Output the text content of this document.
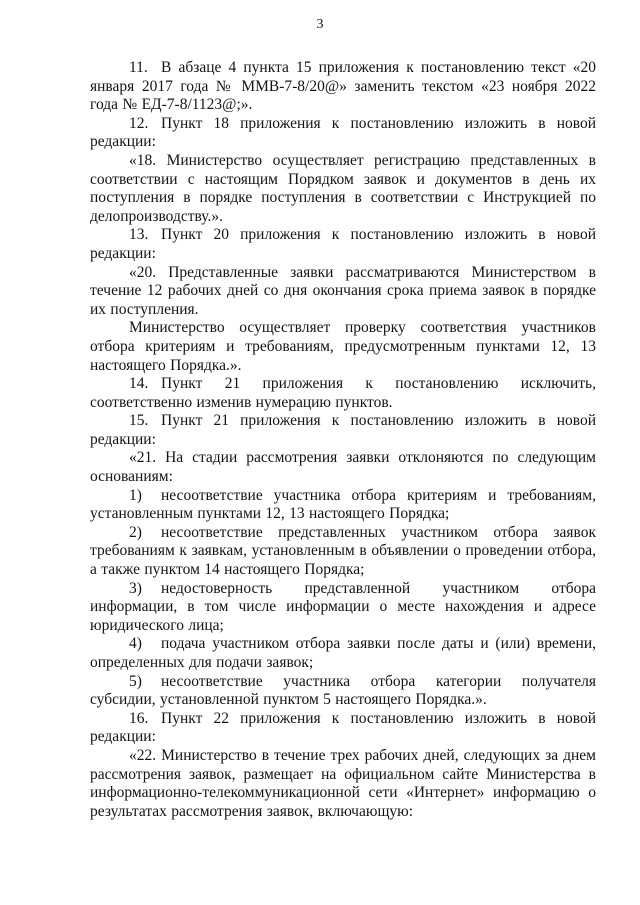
3

11. В абзаце 4 пункта 15 приложения к постановлению текст «20 января 2017 года № ММВ-7-8/20@» заменить текстом «23 ноября 2022 года № ЕД-7-8/1123@;».

12. Пункт 18 приложения к постановлению изложить в новой редакции:

«18. Министерство осуществляет регистрацию представленных в соответствии с настоящим Порядком заявок и документов в день их поступления в порядке поступления в соответствии с Инструкцией по делопроизводству.».

13. Пункт 20 приложения к постановлению изложить в новой редакции:

«20. Представленные заявки рассматриваются Министерством в течение 12 рабочих дней со дня окончания срока приема заявок в порядке их поступления.

Министерство осуществляет проверку соответствия участников отбора критериям и требованиям, предусмотренным пунктами 12, 13 настоящего Порядка.».

14. Пункт 21 приложения к постановлению исключить, соответственно изменив нумерацию пунктов.

15. Пункт 21 приложения к постановлению изложить в новой редакции:

«21. На стадии рассмотрения заявки отклоняются по следующим основаниям:

1) несоответствие участника отбора критериям и требованиям, установленным пунктами 12, 13 настоящего Порядка;

2) несоответствие представленных участником отбора заявок требованиям к заявкам, установленным в объявлении о проведении отбора, а также пунктом 14 настоящего Порядка;

3) недостоверность представленной участником отбора информации, в том числе информации о месте нахождения и адресе юридического лица;

4) подача участником отбора заявки после даты и (или) времени, определенных для подачи заявок;

5) несоответствие участника отбора категории получателя субсидии, установленной пунктом 5 настоящего Порядка.».

16. Пункт 22 приложения к постановлению изложить в новой редакции:

«22. Министерство в течение трех рабочих дней, следующих за днем рассмотрения заявок, размещает на официальном сайте Министерства в информационно-телекоммуникационной сети «Интернет» информацию о результатах рассмотрения заявок, включающую:
